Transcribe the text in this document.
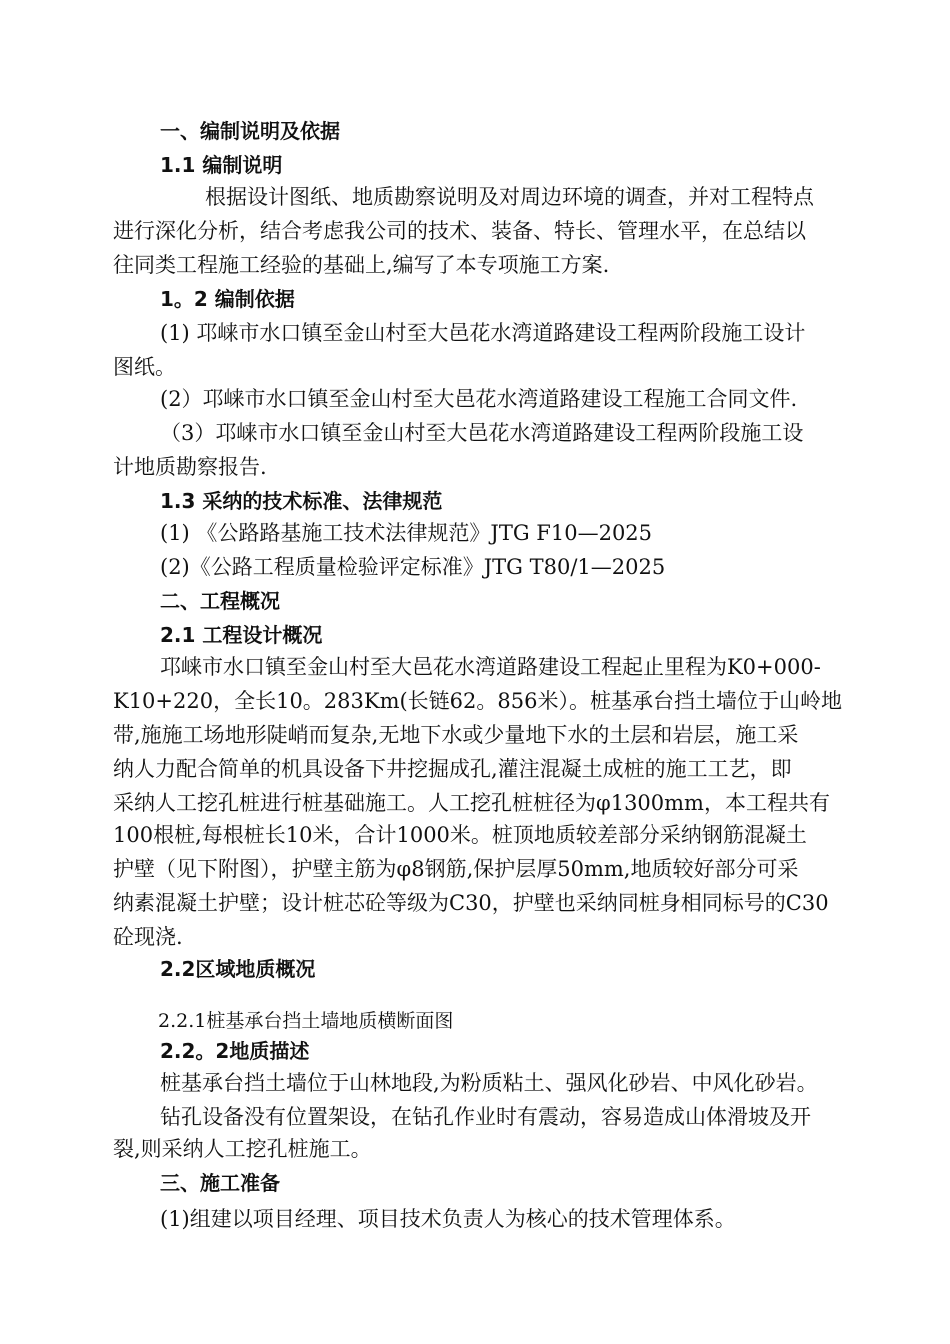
一、编制说明及依据
1.1 编制说明
根据设计图纸、地质勘察说明及对周边环境的调查，并对工程特点
进行深化分析，结合考虑我公司的技术、装备、特长、管理水平，在总结以
往同类工程施工经验的基础上,编写了本专项施工方案.
1。2 编制依据
(1) 邛崃市水口镇至金山村至大邑花水湾道路建设工程两阶段施工设计
图纸。
(2）邛崃市水口镇至金山村至大邑花水湾道路建设工程施工合同文件.
（3）邛崃市水口镇至金山村至大邑花水湾道路建设工程两阶段施工设
计地质勘察报告.
1.3 采纳的技术标准、法律规范
(1) 《公路路基施工技术法律规范》JTG F10—2025
(2)《公路工程质量检验评定标准》JTG T80/1—2025
二、工程概况
2.1 工程设计概况
邛崃市水口镇至金山村至大邑花水湾道路建设工程起止里程为K0+000-
K10+220，全长10。283Km(长链62。856米）。桩基承台挡土墙位于山岭地
带,施施工场地形陡峭而复杂,无地下水或少量地下水的土层和岩层，施工采
纳人力配合简单的机具设备下井挖掘成孔,灌注混凝土成桩的施工工艺，即
采纳人工挖孔桩进行桩基础施工。人工挖孔桩桩径为φ1300mm，本工程共有
100根桩,每根桩长10米，合计1000米。桩顶地质较差部分采纳钢筋混凝土
护壁（见下附图），护壁主筋为φ8钢筋,保护层厚50mm,地质较好部分可采
纳素混凝土护壁；设计桩芯砼等级为C30，护壁也采纳同桩身相同标号的C30
砼现浇.
2.2区域地质概况
2.2.1桩基承台挡土墙地质横断面图
2.2。2地质描述
桩基承台挡土墙位于山林地段,为粉质粘土、强风化砂岩、中风化砂岩。
钻孔设备没有位置架设，在钻孔作业时有震动，容易造成山体滑坡及开
裂,则采纳人工挖孔桩施工。
三、施工准备
(1)组建以项目经理、项目技术负责人为核心的技术管理体系。
